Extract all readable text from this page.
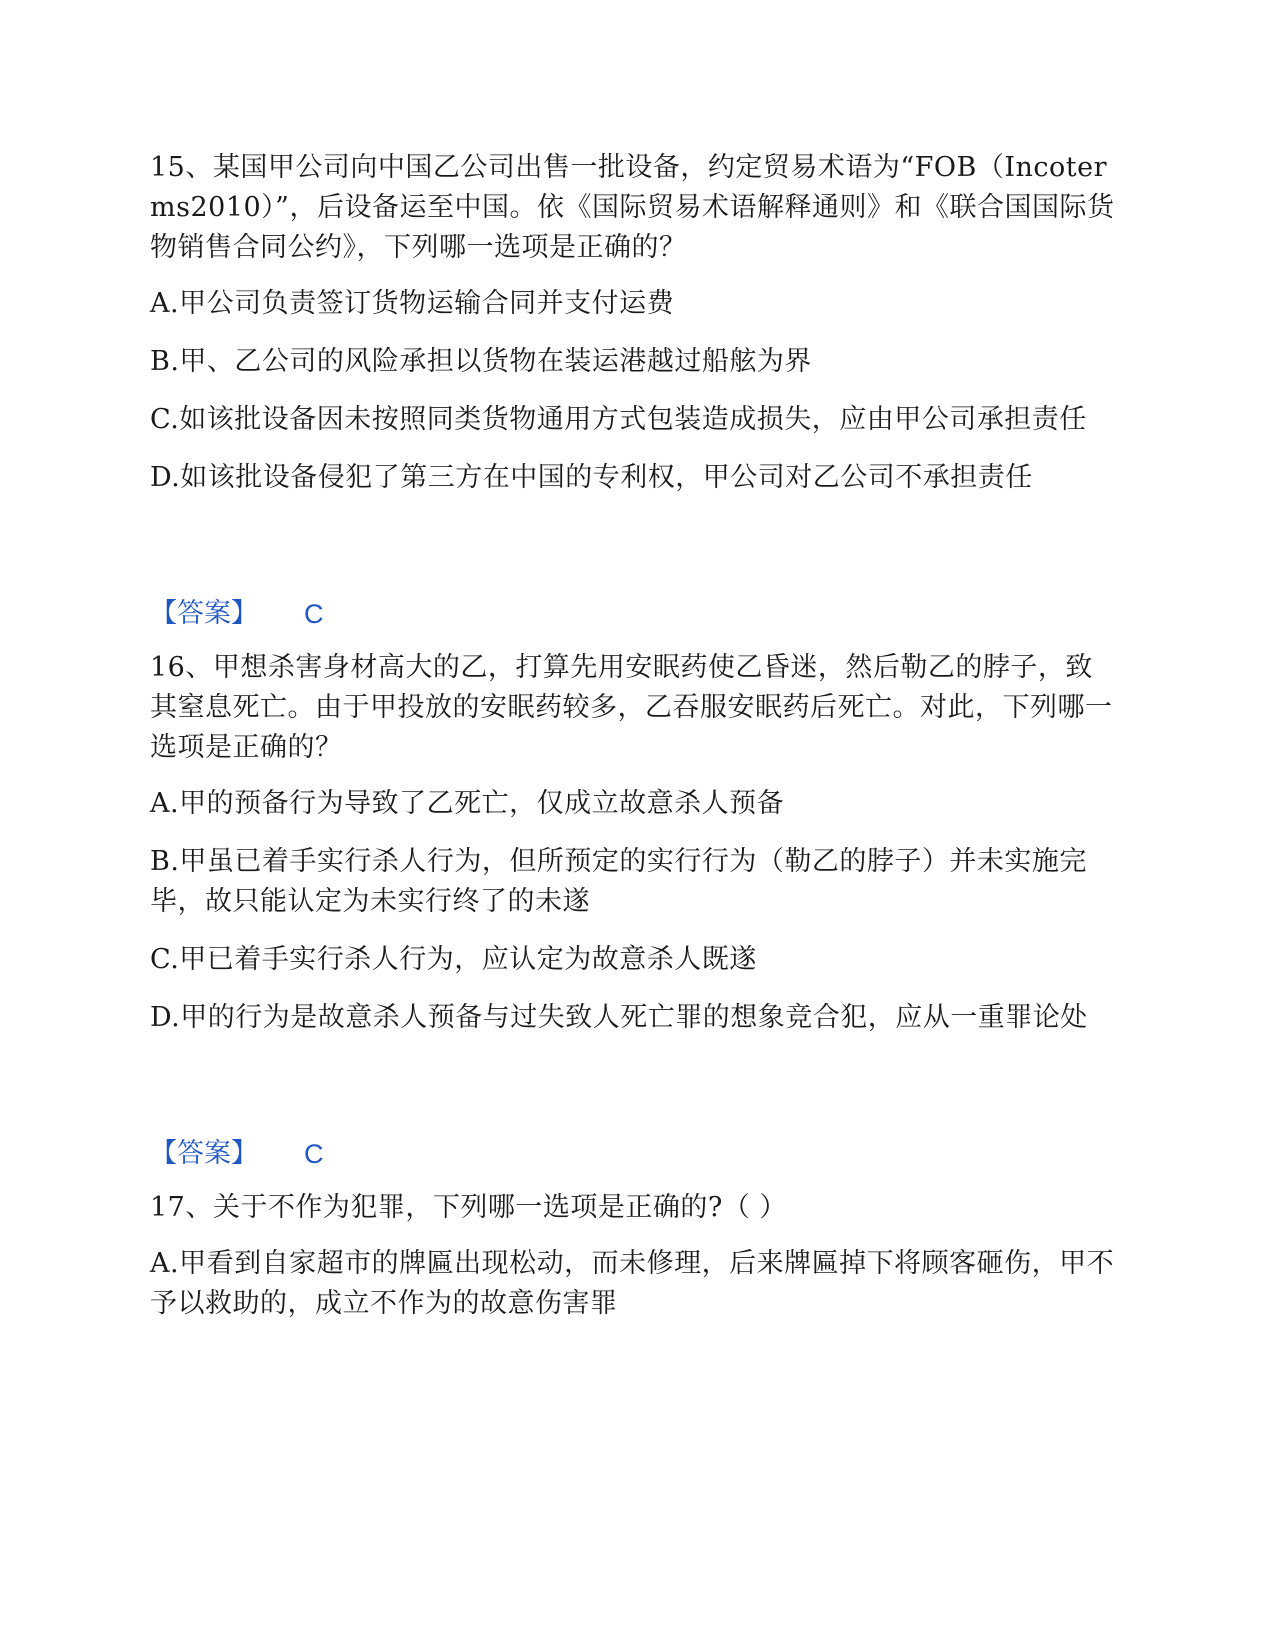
15、某国甲公司向中国乙公司出售一批设备，约定贸易术语为“FOB（Incoterms2010）”，后设备运至中国。依《国际贸易术语解释通则》和《联合国国际货物销售合同公约》，下列哪一选项是正确的？

A.甲公司负责签订货物运输合同并支付运费

B.甲、乙公司的风险承担以货物在装运港越过船舷为界

C.如该批设备因未按照同类货物通用方式包装造成损失，应由甲公司承担责任

D.如该批设备侵犯了第三方在中国的专利权，甲公司对乙公司不承担责任

【答案】 C

16、甲想杀害身材高大的乙，打算先用安眠药使乙昏迷，然后勒乙的脖子，致其窒息死亡。由于甲投放的安眠药较多，乙吞服安眠药后死亡。对此，下列哪一选项是正确的？

A.甲的预备行为导致了乙死亡，仅成立故意杀人预备

B.甲虽已着手实行杀人行为，但所预定的实行行为（勒乙的脖子）并未实施完毕，故只能认定为未实行终了的未遂

C.甲已着手实行杀人行为，应认定为故意杀人既遂

D.甲的行为是故意杀人预备与过失致人死亡罪的想象竞合犯，应从一重罪论处

【答案】 C

17、关于不作为犯罪，下列哪一选项是正确的?（ ）

A.甲看到自家超市的牌匾出现松动，而未修理，后来牌匾掉下将顾客砸伤，甲不予以救助的，成立不作为的故意伤害罪
